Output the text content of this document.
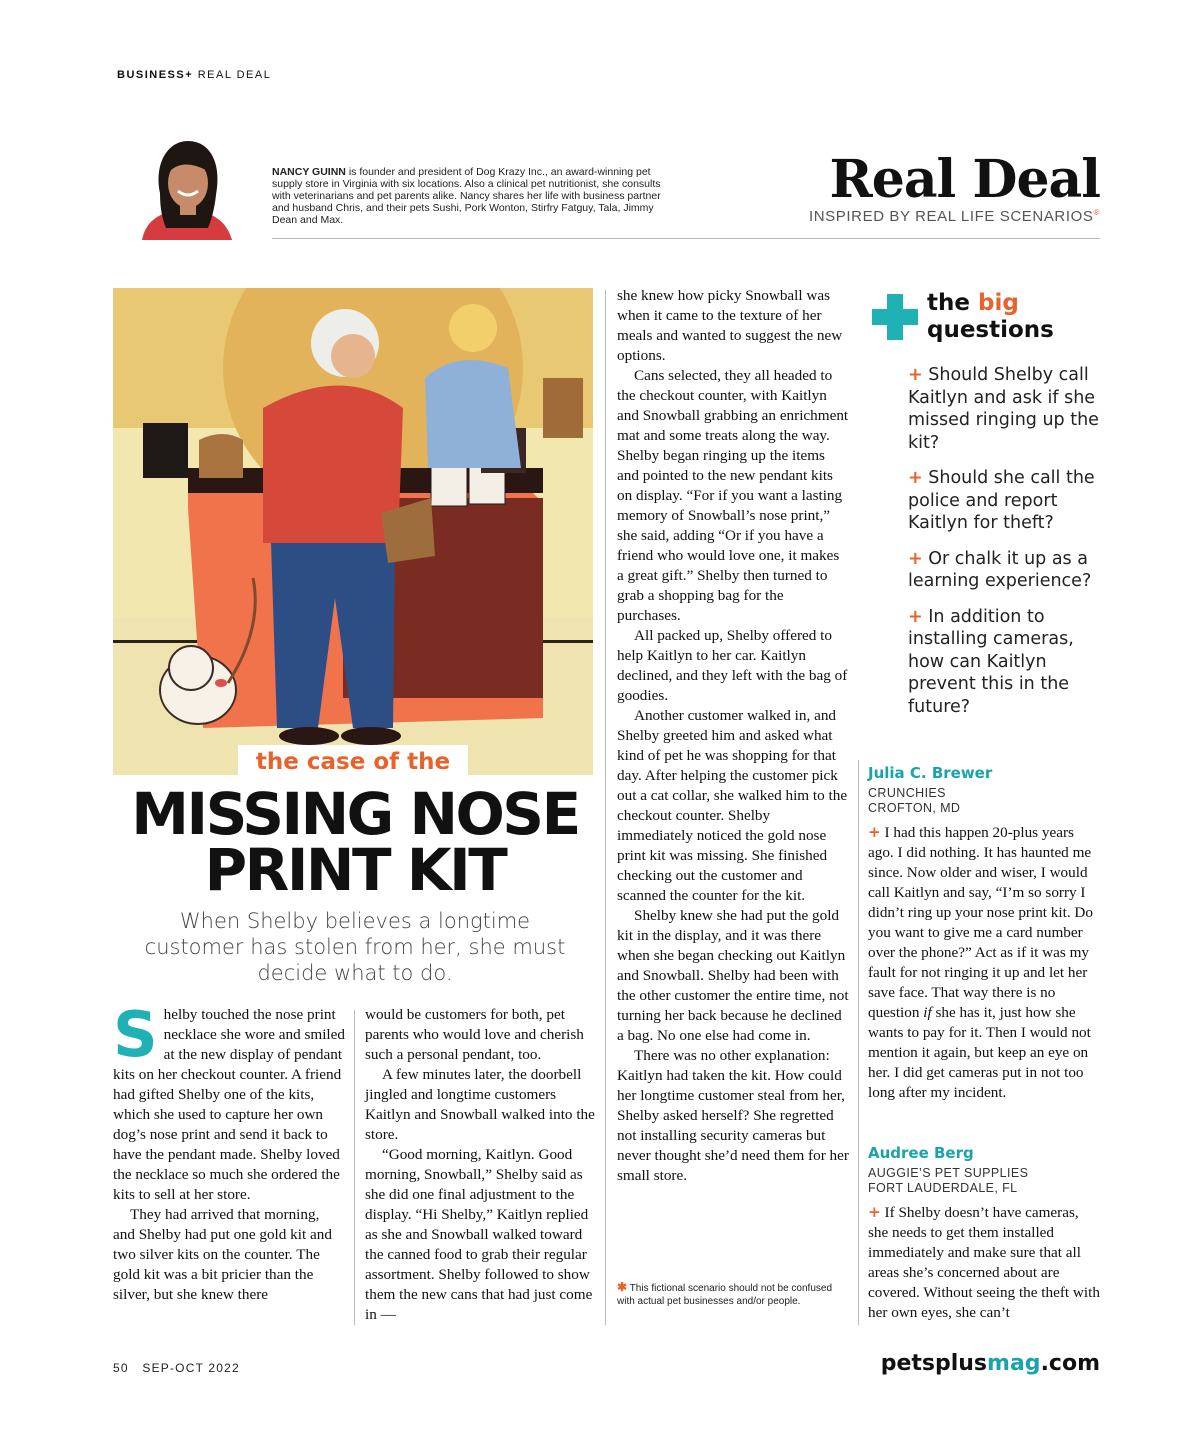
BUSINESS+ REAL DEAL
NANCY GUINN is founder and president of Dog Krazy Inc., an award-winning pet supply store in Virginia with six locations. Also a clinical pet nutritionist, she consults with veterinarians and pet parents alike. Nancy shares her life with business partner and husband Chris, and their pets Sushi, Pork Wonton, Stirfry Fatguy, Tala, Jimmy Dean and Max.
Real Deal
INSPIRED BY REAL LIFE SCENARIOS®
the case of the
MISSING NOSE
PRINT KIT
When Shelby believes a longtime customer has stolen from her, she must decide what to do.
S helby touched the nose print necklace she wore and smiled at the new display of pendant kits on her checkout counter. A friend had gifted Shelby one of the kits, which she used to capture her own dog’s nose print and send it back to have the pendant made. Shelby loved the necklace so much she ordered the kits to sell at her store.

They had arrived that morning, and Shelby had put one gold kit and two silver kits on the counter. The gold kit was a bit pricier than the silver, but she knew there

would be customers for both, pet parents who would love and cherish such a personal pendant, too.

A few minutes later, the doorbell jingled and longtime customers Kaitlyn and Snowball walked into the store.

“Good morning, Kaitlyn. Good morning, Snowball,” Shelby said as she did one final adjustment to the display. “Hi Shelby,” Kaitlyn replied as she and Snowball walked toward the canned food to grab their regular assortment. Shelby followed to show them the new cans that had just come in —

she knew how picky Snowball was when it came to the texture of her meals and wanted to suggest the new options.

Cans selected, they all headed to the checkout counter, with Kaitlyn and Snowball grabbing an enrichment mat and some treats along the way. Shelby began ringing up the items and pointed to the new pendant kits on display. “For if you want a lasting memory of Snowball’s nose print,” she said, adding “Or if you have a friend who would love one, it makes a great gift.” Shelby then turned to grab a shopping bag for the purchases.

All packed up, Shelby offered to help Kaitlyn to her car. Kaitlyn declined, and they left with the bag of goodies.

Another customer walked in, and Shelby greeted him and asked what kind of pet he was shopping for that day. After helping the customer pick out a cat collar, she walked him to the checkout counter. Shelby immediately noticed the gold nose print kit was missing. She finished checking out the customer and scanned the counter for the kit.

Shelby knew she had put the gold kit in the display, and it was there when she began checking out Kaitlyn and Snowball. Shelby had been with the other customer the entire time, not turning her back because he declined a bag. No one else had come in.

There was no other explanation: Kaitlyn had taken the kit. How could her longtime customer steal from her, Shelby asked herself? She regretted not installing security cameras but never thought she’d need them for her small store.

✱ This fictional scenario should not be confused with actual pet businesses and/or people.
the big
questions
+ Should Shelby call Kaitlyn and ask if she missed ringing up the kit?
+ Should she call the police and report Kaitlyn for theft?
+ Or chalk it up as a learning experience?
+ In addition to installing cameras, how can Kaitlyn prevent this in the future?
Julia C. Brewer
CRUNCHIES
CROFTON, MD
+ I had this happen 20-plus years ago. I did nothing. It has haunted me since. Now older and wiser, I would call Kaitlyn and say, “I’m so sorry I didn’t ring up your nose print kit. Do you want to give me a card number over the phone?” Act as if it was my fault for not ringing it up and let her save face. That way there is no question if she has it, just how she wants to pay for it. Then I would not mention it again, but keep an eye on her. I did get cameras put in not too long after my incident.
Audree Berg
AUGGIE’S PET SUPPLIES
FORT LAUDERDALE, FL
+ If Shelby doesn’t have cameras, she needs to get them installed immediately and make sure that all areas she’s concerned about are covered. Without seeing the theft with her own eyes, she can’t
50 SEP-OCT 2022	petsplusmag.com
